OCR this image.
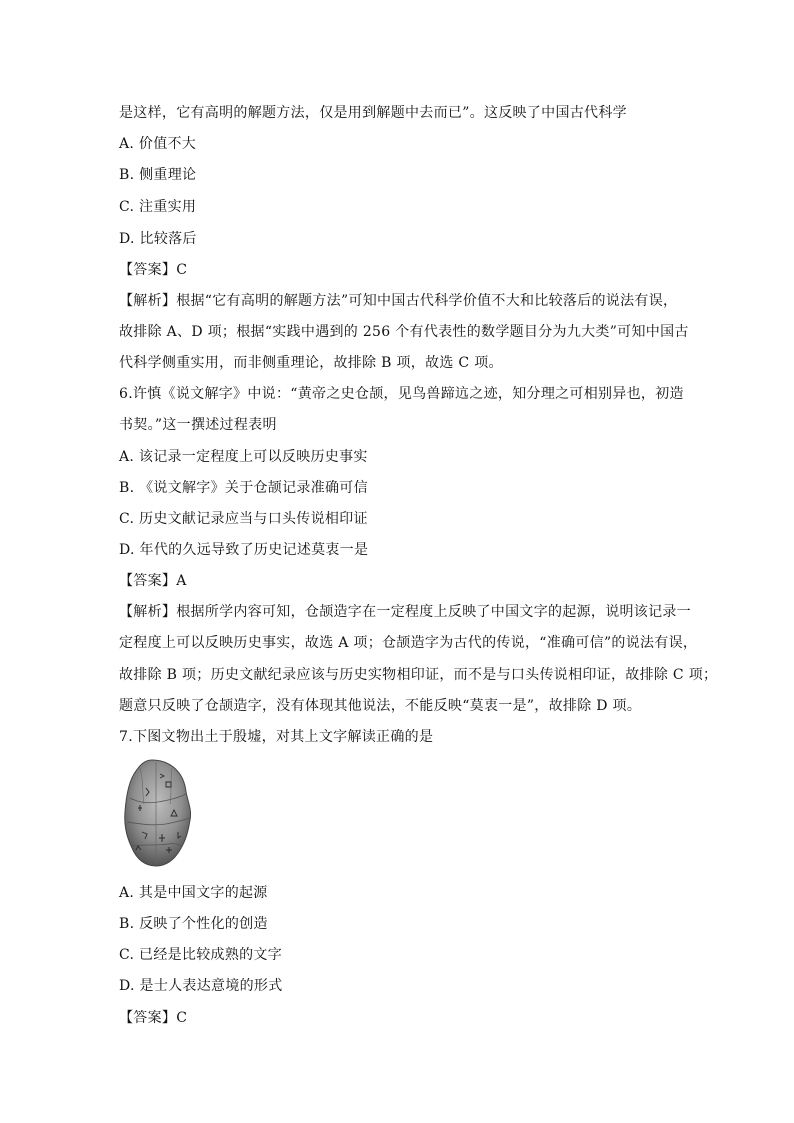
是这样，它有高明的解题方法，仅是用到解题中去而已”。这反映了中国古代科学

A. 价值不大

B. 侧重理论

C. 注重实用

D. 比较落后

【答案】C

【解析】根据“它有高明的解题方法”可知中国古代科学价值不大和比较落后的说法有误，

故排除 A、D 项；根据“实践中遇到的 256 个有代表性的数学题目分为九大类”可知中国古

代科学侧重实用，而非侧重理论，故排除 B 项，故选 C 项。

6.许慎《说文解字》中说：“黄帝之史仓颉，见鸟兽蹄迒之迹，知分理之可相别异也，初造

书契。”这一撰述过程表明

A. 该记录一定程度上可以反映历史事实

B. 《说文解字》关于仓颉记录准确可信

C. 历史文献记录应当与口头传说相印证

D. 年代的久远导致了历史记述莫衷一是

【答案】A

【解析】根据所学内容可知，仓颉造字在一定程度上反映了中国文字的起源，说明该记录一

定程度上可以反映历史事实，故选 A 项；仓颉造字为古代的传说，“准确可信”的说法有误，

故排除 B 项；历史文献纪录应该与历史实物相印证，而不是与口头传说相印证，故排除 C 项；

题意只反映了仓颉造字，没有体现其他说法，不能反映“莫衷一是”，故排除 D 项。

7.下图文物出土于殷墟，对其上文字解读正确的是

A. 其是中国文字的起源

B. 反映了个性化的创造

C. 已经是比较成熟的文字

D. 是士人表达意境的形式

【答案】C
